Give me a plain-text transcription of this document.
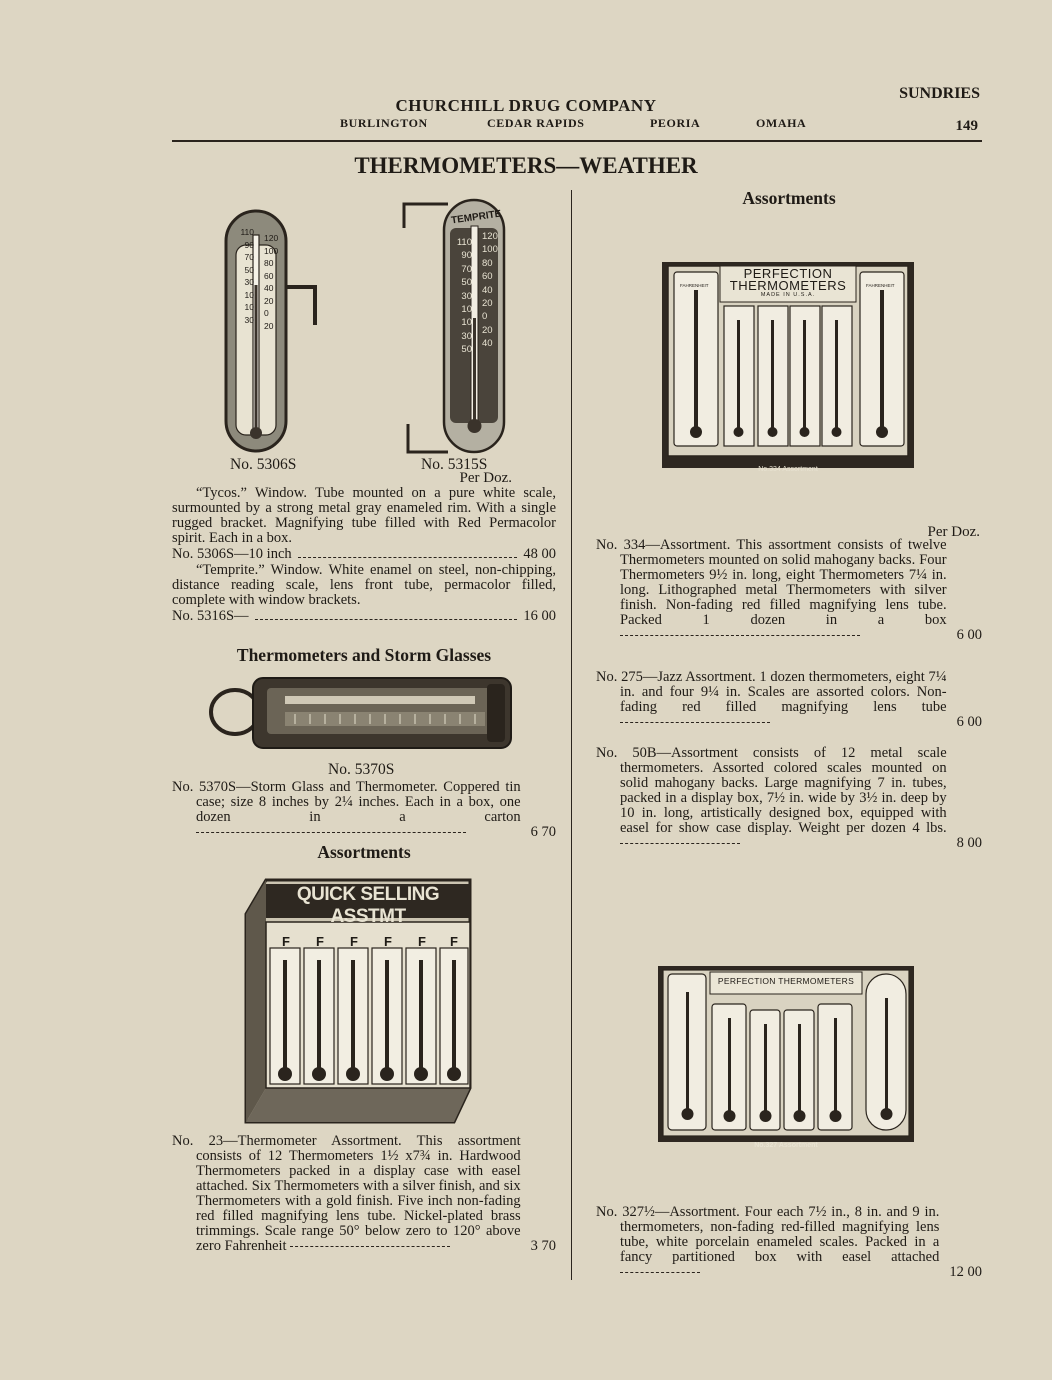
CHURCHILL DRUG COMPANY
SUNDRIES
BURLINGTON	CEDAR RAPIDS	PEORIA	OMAHA	149
THERMOMETERS—WEATHER
110
90
70
50
30
10
10
30
120
100
80
60
40
20
0
20
TEMPRITE
110
90
70
50
30
10
10
30
50
120
100
80
60
40
20
0
20
40
No. 5306S	No. 5315S
Per Doz.
“Tycos.” Window. Tube mounted on a pure white scale, surmounted by a strong metal gray enameled rim. With a single rugged bracket. Magnifying tube filled with Red Permacolor spirit. Each in a box.
No. 5306S—10 inch	48 00
“Temprite.” Window. White enamel on steel, non-chipping, distance reading scale, lens front tube, permacolor filled, complete with window brackets.
No. 5316S—	16 00
Thermometers and Storm Glasses
No. 5370S
No. 5370S—Storm Glass and Thermometer. Coppered tin case; size 8 inches by 2¼ inches. Each in a box, one dozen in a carton
6 70
Assortments
QUICK SELLING ASSTMT
F F F F F F
No. 23—Thermometer Assortment. This assortment consists of 12 Thermometers 1½ x7¾ in. Hardwood Thermometers packed in a display case with easel attached. Six Thermometers with a silver finish, and six Thermometers with a gold finish. Five inch non-fading red filled magnifying lens tube. Nickel-plated brass trimmings. Scale range 50° below zero to 120° above zero Fahrenheit	3 70
Assortments
PERFECTION THERMOMETERS
MADE IN U.S.A.
FAHRENHEIT	FAHRENHEIT
No.334 Assortment
Per Doz.
No. 334—Assortment. This assortment consists of twelve Thermometers mounted on solid mahogany backs. Four Thermometers 9½ in. long, eight Thermometers 7¼ in. long. Lithographed metal Thermometers with silver finish. Non-fading red filled magnifying lens tube. Packed 1 dozen in a box
6 00
No. 275—Jazz Assortment. 1 dozen thermometers, eight 7¼ in. and four 9¼ in. Scales are assorted colors. Non-fading red filled magnifying lens tube
6 00
No. 50B—Assortment consists of 12 metal scale thermometers. Assorted colored scales mounted on solid mahogany backs. Large magnifying 7 in. tubes, packed in a display box, 7½ in. wide by 3½ in. deep by 10 in. long, artistically designed box, equipped with easel for show case display. Weight per dozen 4 lbs.
8 00
PERFECTION THERMOMETERS
No.327 Assortment
No. 327½—Assortment. Four each 7½ in., 8 in. and 9 in. thermometers, non-fading red-filled magnifying lens tube, white porcelain enameled scales. Packed in a fancy partitioned box with easel attached
12 00
